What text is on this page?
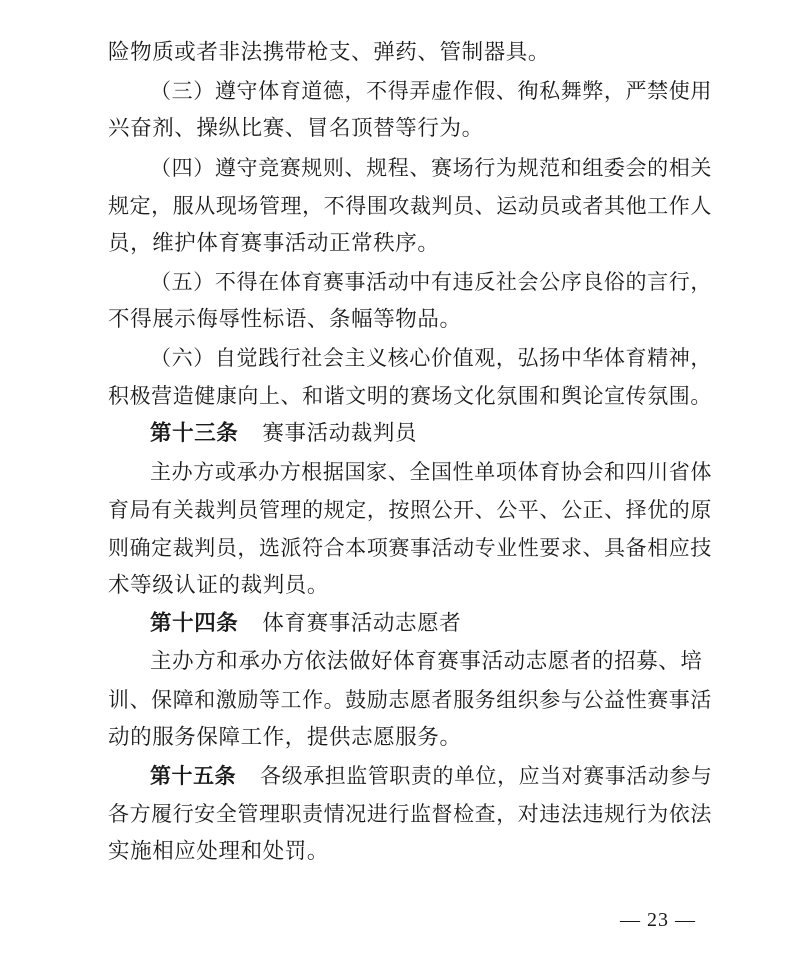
险物质或者非法携带枪支、弹药、管制器具。
（三）遵守体育道德，不得弄虚作假、徇私舞弊，严禁使用
兴奋剂、操纵比赛、冒名顶替等行为。
（四）遵守竞赛规则、规程、赛场行为规范和组委会的相关
规定，服从现场管理，不得围攻裁判员、运动员或者其他工作人
员，维护体育赛事活动正常秩序。
（五）不得在体育赛事活动中有违反社会公序良俗的言行，
不得展示侮辱性标语、条幅等物品。
（六）自觉践行社会主义核心价值观，弘扬中华体育精神，
积极营造健康向上、和谐文明的赛场文化氛围和舆论宣传氛围。
第十三条 赛事活动裁判员
主办方或承办方根据国家、全国性单项体育协会和四川省体
育局有关裁判员管理的规定，按照公开、公平、公正、择优的原
则确定裁判员，选派符合本项赛事活动专业性要求、具备相应技
术等级认证的裁判员。
第十四条 体育赛事活动志愿者
主办方和承办方依法做好体育赛事活动志愿者的招募、培
训、保障和激励等工作。鼓励志愿者服务组织参与公益性赛事活
动的服务保障工作，提供志愿服务。
第十五条 各级承担监管职责的单位，应当对赛事活动参与
各方履行安全管理职责情况进行监督检查，对违法违规行为依法
实施相应处理和处罚。
— 23 —
